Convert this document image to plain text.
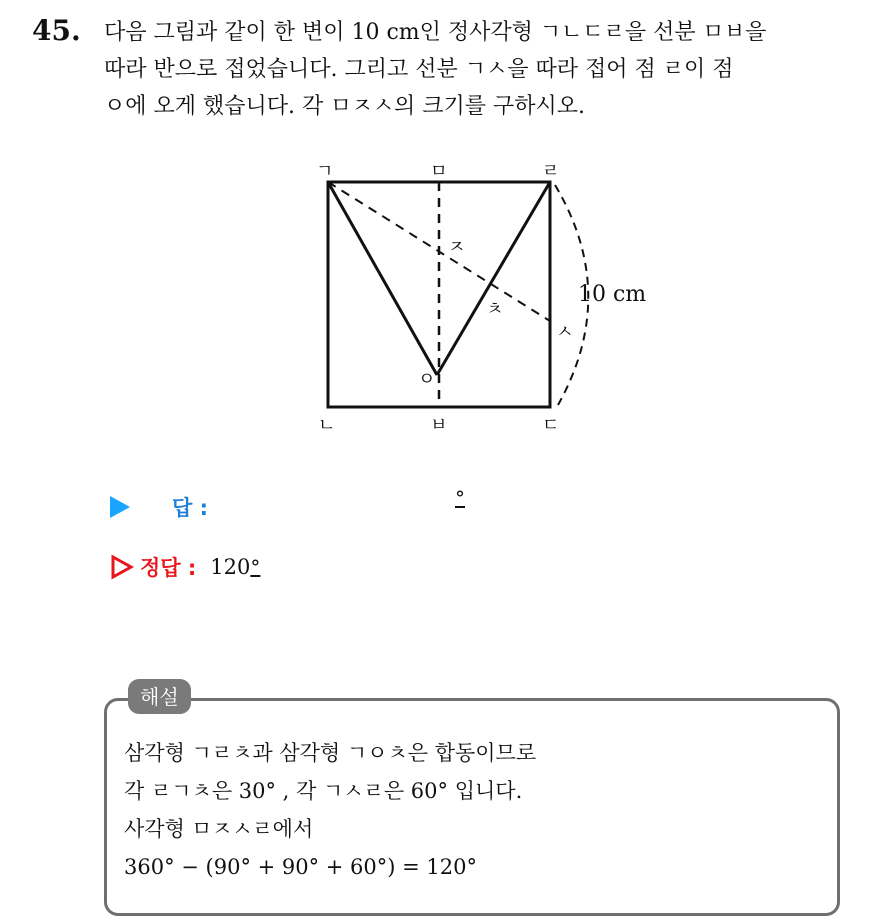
45. 다음 그림과 같이 한 변이 10 cm인 정사각형 ㄱㄴㄷㄹ을 선분 ㅁㅂ을
따라 반으로 접었습니다. 그리고 선분 ㄱㅅ을 따라 접어 점 ㄹ이 점
ㅇ에 오게 했습니다. 각 ㅁㅈㅅ의 크기를 구하시오.
ㄱ	ㅁ	ㄹ
ㄴ	ㅂ	ㄷ
ㅈ
ㅊ
ㅅ
ㅇ
10 cm
답 :	°
정답 : 120 °
해설
삼각형 ㄱㄹㅊ과 삼각형 ㄱㅇㅊ은 합동이므로
각 ㄹㄱㅊ은 30° , 각 ㄱㅅㄹ은 60° 입니다.
사각형 ㅁㅈㅅㄹ에서
360° − (90° + 90° + 60°) = 120°
